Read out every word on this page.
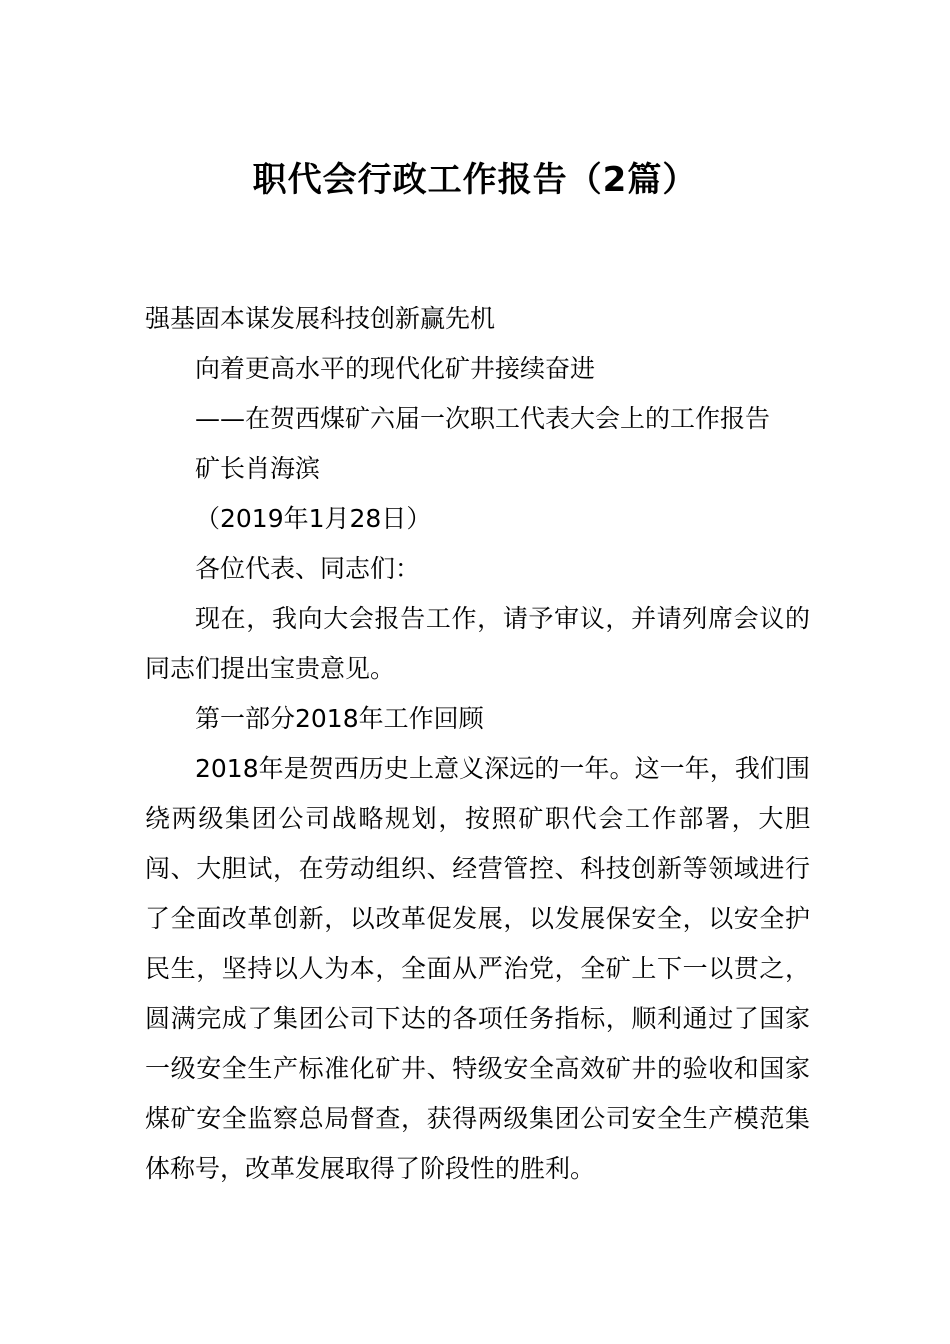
职代会行政工作报告（2篇）

强基固本谋发展科技创新赢先机

向着更高水平的现代化矿井接续奋进

——在贺西煤矿六届一次职工代表大会上的工作报告

矿长肖海滨

（2019年1月28日）

各位代表、同志们：

现在，我向大会报告工作，请予审议，并请列席会议的同志们提出宝贵意见。

第一部分2018年工作回顾

2018年是贺西历史上意义深远的一年。这一年，我们围绕两级集团公司战略规划，按照矿职代会工作部署，大胆闯、大胆试，在劳动组织、经营管控、科技创新等领域进行了全面改革创新，以改革促发展，以发展保安全，以安全护民生，坚持以人为本，全面从严治党，全矿上下一以贯之，圆满完成了集团公司下达的各项任务指标，顺利通过了国家一级安全生产标准化矿井、特级安全高效矿井的验收和国家煤矿安全监察总局督查，获得两级集团公司安全生产模范集体称号，改革发展取得了阶段性的胜利。
